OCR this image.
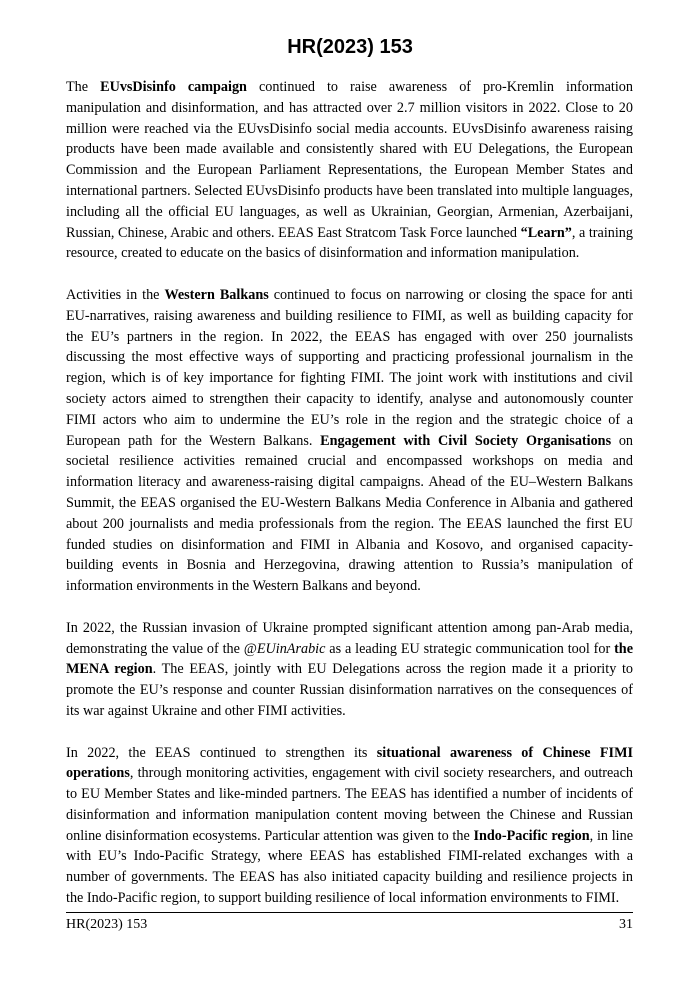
HR(2023) 153

The EUvsDisinfo campaign continued to raise awareness of pro-Kremlin information manipulation and disinformation, and has attracted over 2.7 million visitors in 2022. Close to 20 million were reached via the EUvsDisinfo social media accounts. EUvsDisinfo awareness raising products have been made available and consistently shared with EU Delegations, the European Commission and the European Parliament Representations, the European Member States and international partners. Selected EUvsDisinfo products have been translated into multiple languages, including all the official EU languages, as well as Ukrainian, Georgian, Armenian, Azerbaijani, Russian, Chinese, Arabic and others. EEAS East Stratcom Task Force launched “Learn”, a training resource, created to educate on the basics of disinformation and information manipulation.

Activities in the Western Balkans continued to focus on narrowing or closing the space for anti EU-narratives, raising awareness and building resilience to FIMI, as well as building capacity for the EU’s partners in the region. In 2022, the EEAS has engaged with over 250 journalists discussing the most effective ways of supporting and practicing professional journalism in the region, which is of key importance for fighting FIMI. The joint work with institutions and civil society actors aimed to strengthen their capacity to identify, analyse and autonomously counter FIMI actors who aim to undermine the EU’s role in the region and the strategic choice of a European path for the Western Balkans. Engagement with Civil Society Organisations on societal resilience activities remained crucial and encompassed workshops on media and information literacy and awareness-raising digital campaigns. Ahead of the EU–Western Balkans Summit, the EEAS organised the EU-Western Balkans Media Conference in Albania and gathered about 200 journalists and media professionals from the region. The EEAS launched the first EU funded studies on disinformation and FIMI in Albania and Kosovo, and organised capacity-building events in Bosnia and Herzegovina, drawing attention to Russia’s manipulation of information environments in the Western Balkans and beyond.

In 2022, the Russian invasion of Ukraine prompted significant attention among pan-Arab media, demonstrating the value of the @EUinArabic as a leading EU strategic communication tool for the MENA region. The EEAS, jointly with EU Delegations across the region made it a priority to promote the EU’s response and counter Russian disinformation narratives on the consequences of its war against Ukraine and other FIMI activities.

In 2022, the EEAS continued to strengthen its situational awareness of Chinese FIMI operations, through monitoring activities, engagement with civil society researchers, and outreach to EU Member States and like-minded partners. The EEAS has identified a number of incidents of disinformation and information manipulation content moving between the Chinese and Russian online disinformation ecosystems. Particular attention was given to the Indo-Pacific region, in line with EU’s Indo-Pacific Strategy, where EEAS has established FIMI-related exchanges with a number of governments. The EEAS has also initiated capacity building and resilience projects in the Indo-Pacific region, to support building resilience of local information environments to FIMI.

HR(2023) 153	31
